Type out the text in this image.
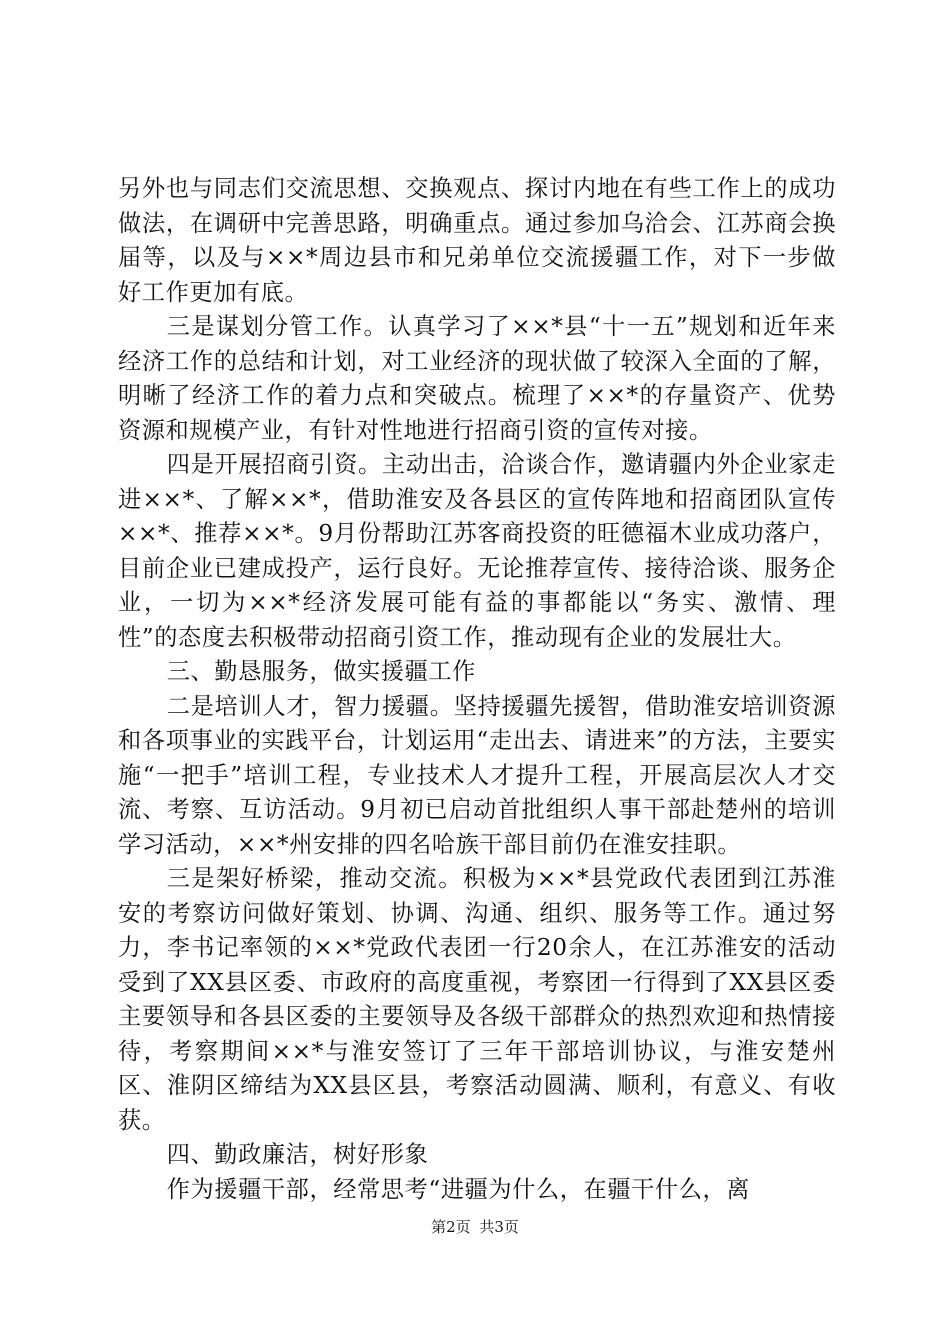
另外也与同志们交流思想、交换观点、探讨内地在有些工作上的成功做法，在调研中完善思路，明确重点。通过参加乌洽会、江苏商会换届等，以及与××*周边县市和兄弟单位交流援疆工作，对下一步做好工作更加有底。

三是谋划分管工作。认真学习了××*县“十一五”规划和近年来经济工作的总结和计划，对工业经济的现状做了较深入全面的了解，明晰了经济工作的着力点和突破点。梳理了××*的存量资产、优势资源和规模产业，有针对性地进行招商引资的宣传对接。

四是开展招商引资。主动出击，洽谈合作，邀请疆内外企业家走进××*、了解××*，借助淮安及各县区的宣传阵地和招商团队宣传××*、推荐××*。9月份帮助江苏客商投资的旺德福木业成功落户，目前企业已建成投产，运行良好。无论推荐宣传、接待洽谈、服务企业，一切为××*经济发展可能有益的事都能以“务实、激情、理性”的态度去积极带动招商引资工作，推动现有企业的发展壮大。

三、勤恳服务，做实援疆工作

二是培训人才，智力援疆。坚持援疆先援智，借助淮安培训资源和各项事业的实践平台，计划运用“走出去、请进来”的方法，主要实施“一把手”培训工程，专业技术人才提升工程，开展高层次人才交流、考察、互访活动。9月初已启动首批组织人事干部赴楚州的培训学习活动，××*州安排的四名哈族干部目前仍在淮安挂职。

三是架好桥梁，推动交流。积极为××*县党政代表团到江苏淮安的考察访问做好策划、协调、沟通、组织、服务等工作。通过努力，李书记率领的××*党政代表团一行20余人，在江苏淮安的活动受到了XX县区委、市政府的高度重视，考察团一行得到了XX县区委主要领导和各县区委的主要领导及各级干部群众的热烈欢迎和热情接待，考察期间××*与淮安签订了三年干部培训协议，与淮安楚州区、淮阴区缔结为XX县区县，考察活动圆满、顺利，有意义、有收获。

四、勤政廉洁，树好形象

作为援疆干部，经常思考“进疆为什么，在疆干什么，离

第2页 共3页
